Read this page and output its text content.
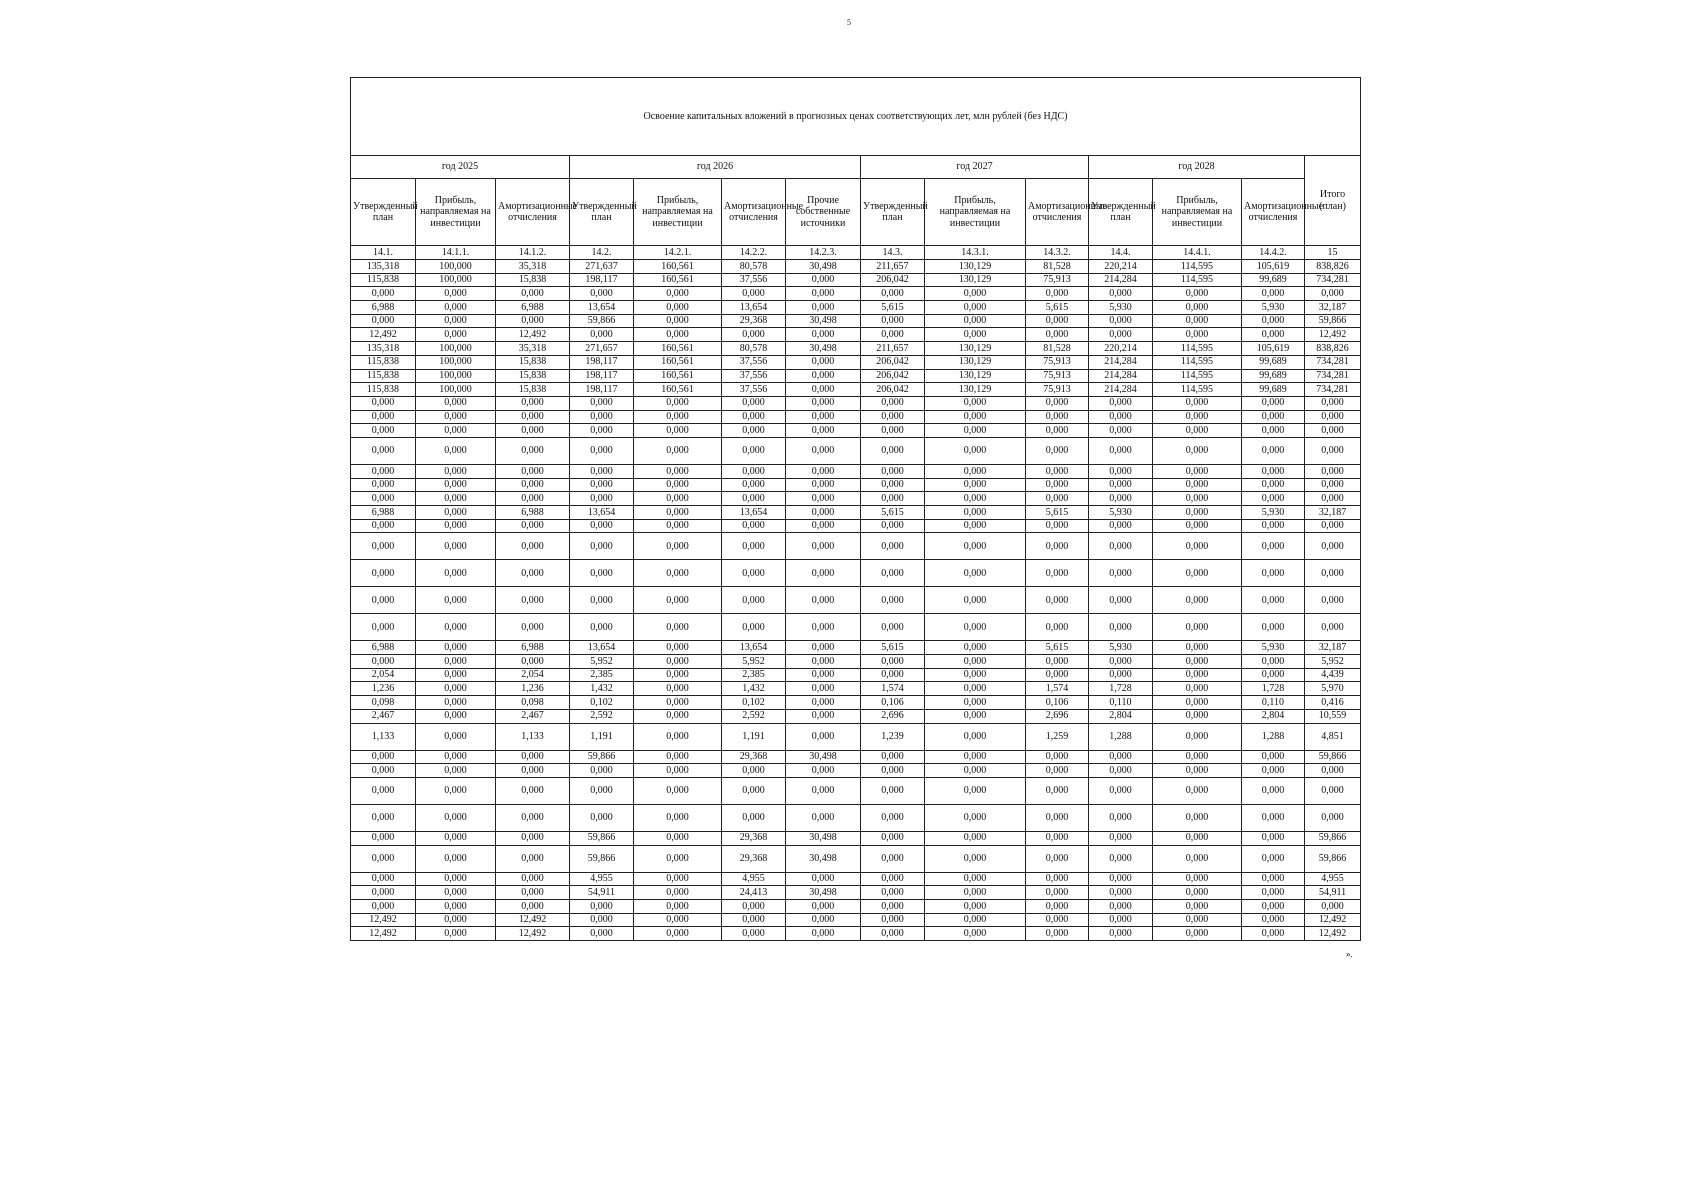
5
Освоение капитальных вложений в прогнозных ценах соответствующих лет, млн рублей (без НДС)													
год 2025			год 2026				год 2027			год 2028			Итого (план)
Утвержденный план	Прибыль, направляемая на инвестиции	Амортизационные отчисления	Утвержденный план	Прибыль, направляемая на инвестиции	Амортизационные отчисления	Прочие собственные источники	Утвержденный план	Прибыль, направляемая на инвестиции	Амортизационные отчисления	Утвержденный план	Прибыль, направляемая на инвестиции	Амортизационные отчисления	
14.1.	14.1.1.	14.1.2.	14.2.	14.2.1.	14.2.2.	14.2.3.	14.3.	14.3.1.	14.3.2.	14.4.	14.4.1.	14.4.2.	15
135,318	100,000	35,318	271,637	160,561	80,578	30,498	211,657	130,129	81,528	220,214	114,595	105,619	838,826
115,838	100,000	15,838	198,117	160,561	37,556	0,000	206,042	130,129	75,913	214,284	114,595	99,689	734,281
0,000	0,000	0,000	0,000	0,000	0,000	0,000	0,000	0,000	0,000	0,000	0,000	0,000	0,000
6,988	0,000	6,988	13,654	0,000	13,654	0,000	5,615	0,000	5,615	5,930	0,000	5,930	32,187
0,000	0,000	0,000	59,866	0,000	29,368	30,498	0,000	0,000	0,000	0,000	0,000	0,000	59,866
12,492	0,000	12,492	0,000	0,000	0,000	0,000	0,000	0,000	0,000	0,000	0,000	0,000	12,492
135,318	100,000	35,318	271,657	160,561	80,578	30,498	211,657	130,129	81,528	220,214	114,595	105,619	838,826
115,838	100,000	15,838	198,117	160,561	37,556	0,000	206,042	130,129	75,913	214,284	114,595	99,689	734,281
115,838	100,000	15,838	198,117	160,561	37,556	0,000	206,042	130,129	75,913	214,284	114,595	99,689	734,281
115,838	100,000	15,838	198,117	160,561	37,556	0,000	206,042	130,129	75,913	214,284	114,595	99,689	734,281
0,000	0,000	0,000	0,000	0,000	0,000	0,000	0,000	0,000	0,000	0,000	0,000	0,000	0,000
0,000	0,000	0,000	0,000	0,000	0,000	0,000	0,000	0,000	0,000	0,000	0,000	0,000	0,000
0,000	0,000	0,000	0,000	0,000	0,000	0,000	0,000	0,000	0,000	0,000	0,000	0,000	0,000
0,000	0,000	0,000	0,000	0,000	0,000	0,000	0,000	0,000	0,000	0,000	0,000	0,000	0,000
0,000	0,000	0,000	0,000	0,000	0,000	0,000	0,000	0,000	0,000	0,000	0,000	0,000	0,000
0,000	0,000	0,000	0,000	0,000	0,000	0,000	0,000	0,000	0,000	0,000	0,000	0,000	0,000
0,000	0,000	0,000	0,000	0,000	0,000	0,000	0,000	0,000	0,000	0,000	0,000	0,000	0,000
6,988	0,000	6,988	13,654	0,000	13,654	0,000	5,615	0,000	5,615	5,930	0,000	5,930	32,187
0,000	0,000	0,000	0,000	0,000	0,000	0,000	0,000	0,000	0,000	0,000	0,000	0,000	0,000
0,000	0,000	0,000	0,000	0,000	0,000	0,000	0,000	0,000	0,000	0,000	0,000	0,000	0,000
0,000	0,000	0,000	0,000	0,000	0,000	0,000	0,000	0,000	0,000	0,000	0,000	0,000	0,000
0,000	0,000	0,000	0,000	0,000	0,000	0,000	0,000	0,000	0,000	0,000	0,000	0,000	0,000
0,000	0,000	0,000	0,000	0,000	0,000	0,000	0,000	0,000	0,000	0,000	0,000	0,000	0,000
6,988	0,000	6,988	13,654	0,000	13,654	0,000	5,615	0,000	5,615	5,930	0,000	5,930	32,187
0,000	0,000	0,000	5,952	0,000	5,952	0,000	0,000	0,000	0,000	0,000	0,000	0,000	5,952
2,054	0,000	2,054	2,385	0,000	2,385	0,000	0,000	0,000	0,000	0,000	0,000	0,000	4,439
1,236	0,000	1,236	1,432	0,000	1,432	0,000	1,574	0,000	1,574	1,728	0,000	1,728	5,970
0,098	0,000	0,098	0,102	0,000	0,102	0,000	0,106	0,000	0,106	0,110	0,000	0,110	0,416
2,467	0,000	2,467	2,592	0,000	2,592	0,000	2,696	0,000	2,696	2,804	0,000	2,804	10,559
1,133	0,000	1,133	1,191	0,000	1,191	0,000	1,239	0,000	1,259	1,288	0,000	1,288	4,851
0,000	0,000	0,000	59,866	0,000	29,368	30,498	0,000	0,000	0,000	0,000	0,000	0,000	59,866
0,000	0,000	0,000	0,000	0,000	0,000	0,000	0,000	0,000	0,000	0,000	0,000	0,000	0,000
0,000	0,000	0,000	0,000	0,000	0,000	0,000	0,000	0,000	0,000	0,000	0,000	0,000	0,000
0,000	0,000	0,000	0,000	0,000	0,000	0,000	0,000	0,000	0,000	0,000	0,000	0,000	0,000
0,000	0,000	0,000	59,866	0,000	29,368	30,498	0,000	0,000	0,000	0,000	0,000	0,000	59,866
0,000	0,000	0,000	59,866	0,000	29,368	30,498	0,000	0,000	0,000	0,000	0,000	0,000	59,866
0,000	0,000	0,000	4,955	0,000	4,955	0,000	0,000	0,000	0,000	0,000	0,000	0,000	4,955
0,000	0,000	0,000	54,911	0,000	24,413	30,498	0,000	0,000	0,000	0,000	0,000	0,000	54,911
0,000	0,000	0,000	0,000	0,000	0,000	0,000	0,000	0,000	0,000	0,000	0,000	0,000	0,000
12,492	0,000	12,492	0,000	0,000	0,000	0,000	0,000	0,000	0,000	0,000	0,000	0,000	12,492
12,492	0,000	12,492	0,000	0,000	0,000	0,000	0,000	0,000	0,000	0,000	0,000	0,000	12,492
».
